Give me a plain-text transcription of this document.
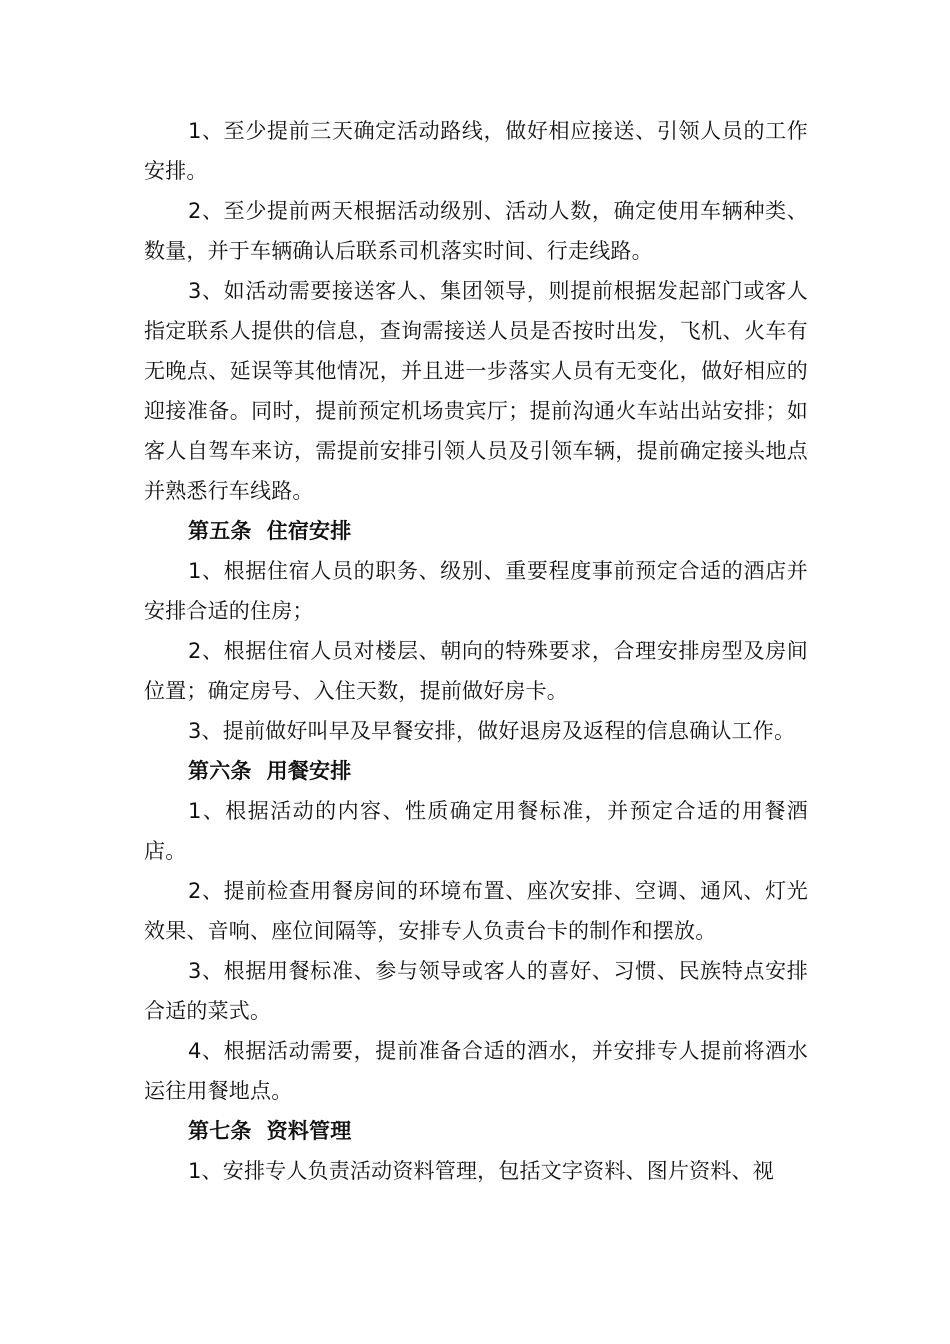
1、至少提前三天确定活动路线，做好相应接送、引领人员的工作安排。

2、至少提前两天根据活动级别、活动人数，确定使用车辆种类、数量，并于车辆确认后联系司机落实时间、行走线路。

3、如活动需要接送客人、集团领导，则提前根据发起部门或客人指定联系人提供的信息，查询需接送人员是否按时出发，飞机、火车有无晚点、延误等其他情况，并且进一步落实人员有无变化，做好相应的迎接准备。同时，提前预定机场贵宾厅；提前沟通火车站出站安排；如客人自驾车来访，需提前安排引领人员及引领车辆，提前确定接头地点并熟悉行车线路。

第五条  住宿安排

1、根据住宿人员的职务、级别、重要程度事前预定合适的酒店并安排合适的住房；

2、根据住宿人员对楼层、朝向的特殊要求，合理安排房型及房间位置；确定房号、入住天数，提前做好房卡。

3、提前做好叫早及早餐安排，做好退房及返程的信息确认工作。

第六条  用餐安排

1、根据活动的内容、性质确定用餐标准，并预定合适的用餐酒店。

2、提前检查用餐房间的环境布置、座次安排、空调、通风、灯光效果、音响、座位间隔等，安排专人负责台卡的制作和摆放。

3、根据用餐标准、参与领导或客人的喜好、习惯、民族特点安排合适的菜式。

4、根据活动需要，提前准备合适的酒水，并安排专人提前将酒水运往用餐地点。

第七条  资料管理

1、安排专人负责活动资料管理，包括文字资料、图片资料、视
